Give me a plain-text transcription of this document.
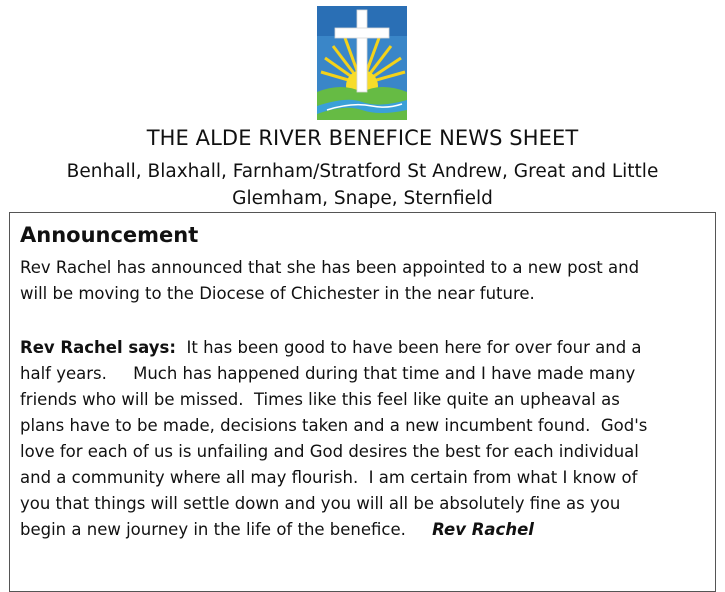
THE ALDE RIVER BENEFICE NEWS SHEET
Benhall, Blaxhall, Farnham/Stratford St Andrew, Great and Little
Glemham, Snape, Sternfield
Announcement
Rev Rachel has announced that she has been appointed to a new post and
will be moving to the Diocese of Chichester in the near future.
Rev Rachel says: It has been good to have been here for over four and a
half years.     Much has happened during that time and I have made many
friends who will be missed.  Times like this feel like quite an upheaval as
plans have to be made, decisions taken and a new incumbent found.  God's
love for each of us is unfailing and God desires the best for each individual
and a community where all may flourish.  I am certain from what I know of
you that things will settle down and you will all be absolutely fine as you
begin a new journey in the life of the benefice. Rev Rachel
